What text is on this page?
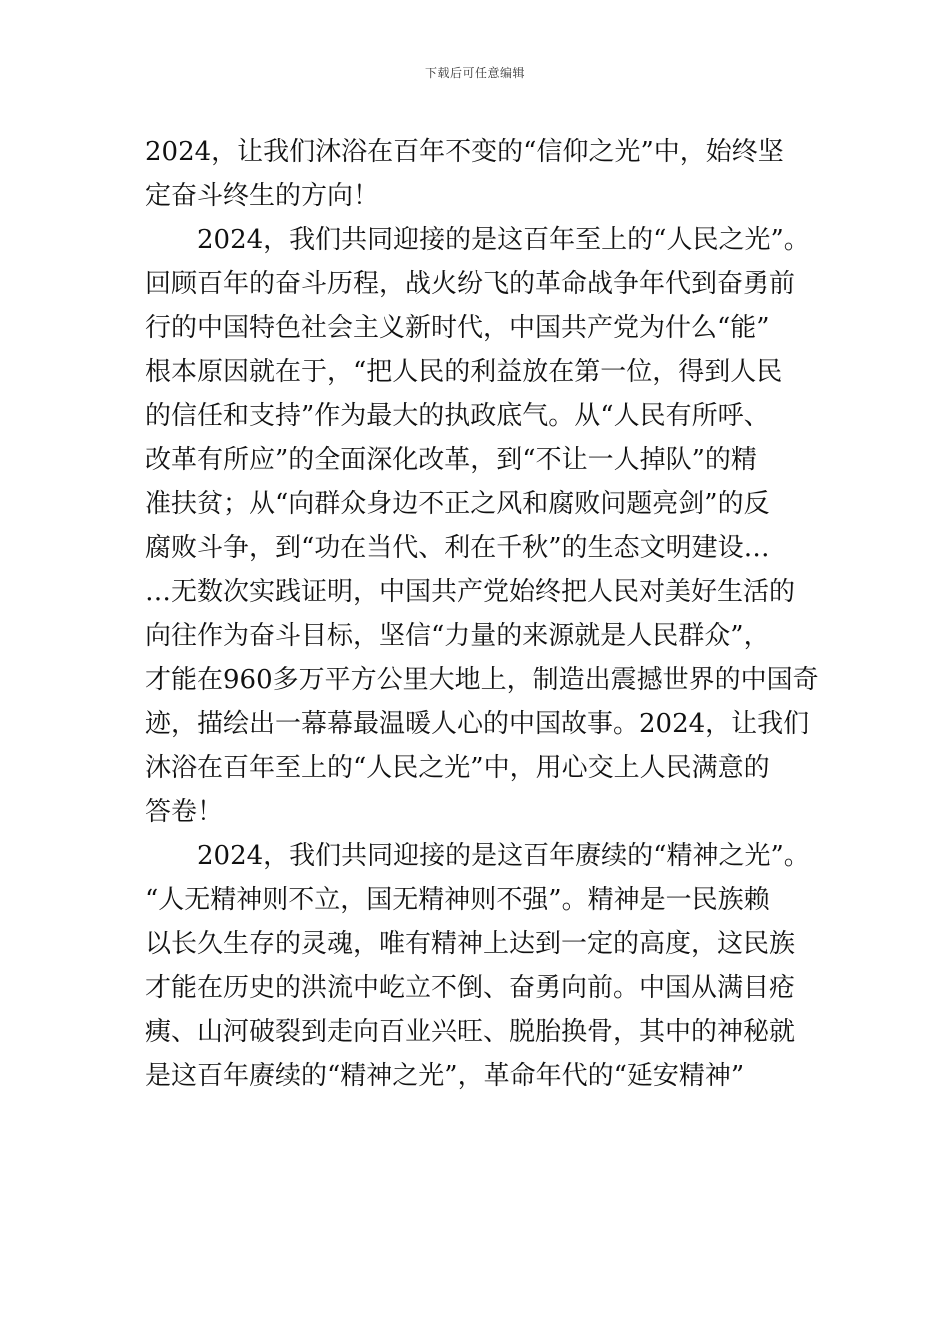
下载后可任意编辑
2024，让我们沐浴在百年不变的“信仰之光”中，始终坚
定奋斗终生的方向！
　　2024，我们共同迎接的是这百年至上的“人民之光”。
回顾百年的奋斗历程，战火纷飞的革命战争年代到奋勇前
行的中国特色社会主义新时代，中国共产党为什么“能”
根本原因就在于，“把人民的利益放在第一位，得到人民
的信任和支持”作为最大的执政底气。从“人民有所呼、
改革有所应”的全面深化改革，到“不让一人掉队”的精
准扶贫；从“向群众身边不正之风和腐败问题亮剑”的反
腐败斗争，到“功在当代、利在千秋”的生态文明建设…
…无数次实践证明，中国共产党始终把人民对美好生活的
向往作为奋斗目标，坚信“力量的来源就是人民群众”，
才能在960多万平方公里大地上，制造出震撼世界的中国奇
迹，描绘出一幕幕最温暖人心的中国故事。2024，让我们
沐浴在百年至上的“人民之光”中，用心交上人民满意的
答卷！
　　2024，我们共同迎接的是这百年赓续的“精神之光”。
“人无精神则不立，国无精神则不强”。精神是一民族赖
以长久生存的灵魂，唯有精神上达到一定的高度，这民族
才能在历史的洪流中屹立不倒、奋勇向前。中国从满目疮
痍、山河破裂到走向百业兴旺、脱胎换骨，其中的神秘就
是这百年赓续的“精神之光”，革命年代的“延安精神”
